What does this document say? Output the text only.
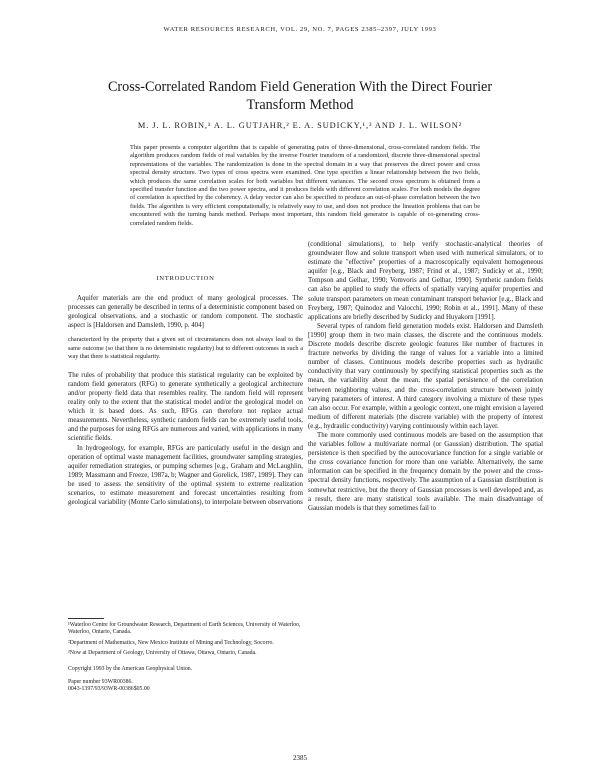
WATER RESOURCES RESEARCH, VOL. 29, NO. 7, PAGES 2385–2397, JULY 1993
Cross-Correlated Random Field Generation With the Direct Fourier Transform Method
M. J. L. ROBIN,¹ A. L. GUTJAHR,² E. A. SUDICKY,¹,³ AND J. L. WILSON²
This paper presents a computer algorithm that is capable of generating pairs of three-dimensional, cross-correlated random fields. The algorithm produces random fields of real variables by the inverse Fourier transform of a randomized, discrete three-dimensional spectral representations of the variables. The randomization is done in the spectral domain in a way that preserves the direct power and cross spectral density structure. Two types of cross spectra were examined. One type specifies a linear relationship between the two fields, which produces the same correlation scales for both variables but different variances. The second cross spectrum is obtained from a specified transfer function and the two power spectra, and it produces fields with different correlation scales. For both models the degree of correlation is specified by the coherency. A delay vector can also be specified to produce an out-of-phase correlation between the two fields. The algorithm is very efficient computationally, is relatively easy to use, and does not produce the lineation problems that can be encountered with the turning bands method. Perhaps most important, this random field generator is capable of co-generating cross-correlated random fields.
INTRODUCTION

Aquifer materials are the end product of many geological processes. The processes can generally be described in terms of a deterministic component based on geological observations, and a stochastic or random component. The stochastic aspect is [Haldorsen and Damsleth, 1990, p. 404]

characterized by the property that a given set of circumstances does not always lead to the same outcome (so that there is no deterministic regularity) but to different outcomes in such a way that there is statistical regularity.

The rules of probability that produce this statistical regularity can be exploited by random field generators (RFG) to generate synthetically a geological architecture and/or property field data that resembles reality. The random field will represent reality only to the extent that the statistical model and/or the geological model on which it is based does. As such, RFGs can therefore not replace actual measurements. Nevertheless, synthetic random fields can be extremely useful tools, and the purposes for using RFGs are numerous and varied, with applications in many scientific fields.

In hydrogeology, for example, RFGs are particularly useful in the design and operation of optimal waste management facilities, groundwater sampling strategies, aquifer remediation strategies, or pumping schemes [e.g., Graham and McLaughlin, 1989; Massmann and Freeze, 1987a, b; Wagner and Gorelick, 1987, 1989]. They can be used to assess the sensitivity of the optimal system to extreme realization scenarios, to estimate measurement and forecast uncertainties resulting from geological variability (Monte Carlo simulations), to interpolate between observations

¹Waterloo Centre for Groundwater Research, Department of Earth Sciences, University of Waterloo, Waterloo, Ontario, Canada.
²Department of Mathematics, New Mexico Institute of Mining and Technology, Socorro.
³Now at Department of Geology, University of Ottawa, Ottawa, Ontario, Canada.
Copyright 1993 by the American Geophysical Union.
Paper number 93WR00386.
0043-1397/93/93WR-00386$05.00

(conditional simulations), to help verify stochastic-analytical theories of groundwater flow and solute transport when used with numerical simulators, or to estimate the "effective" properties of a macroscopically equivalent homogeneous aquifer [e.g., Black and Freyberg, 1987; Frind et al., 1987; Sudicky et al., 1990; Tompson and Gelhar, 1990; Vomvoris and Gelhar, 1990]. Synthetic random fields can also be applied to study the effects of spatially varying aquifer properties and solute transport parameters on mean contaminant transport behavior [e.g., Black and Freyberg, 1987; Quinodoz and Valocchi, 1990; Robin et al., 1991]. Many of these applications are briefly described by Sudicky and Huyakorn [1991].

Several types of random field generation models exist. Haldorsen and Damsleth [1990] group them in two main classes, the discrete and the continuous models. Discrete models describe discrete geologic features like number of fractures in fracture networks by dividing the range of values for a variable into a limited number of classes. Continuous models describe properties such as hydraulic conductivity that vary continuously by specifying statistical properties such as the mean, the variability about the mean, the spatial persistence of the correlation between neighboring values, and the cross-correlation structure between jointly varying parameters of interest. A third category involving a mixture of these types can also occur. For example, within a geologic context, one might envision a layered medium of different materials (the discrete variable) with the property of interest (e.g., hydraulic conductivity) varying continuously within each layer.

The more commonly used continuous models are based on the assumption that the variables follow a multivariate normal (or Gaussian) distribution. The spatial persistence is then specified by the autocovariance function for a single variable or the cross covariance function for more than one variable. Alternatively, the same information can be specified in the frequency domain by the power and the cross-spectral density functions, respectively. The assumption of a Gaussian distribution is somewhat restrictive, but the theory of Gaussian processes is well developed and, as a result, there are many statistical tools available. The main disadvantage of Gaussian models is that they sometimes fail to

2385
